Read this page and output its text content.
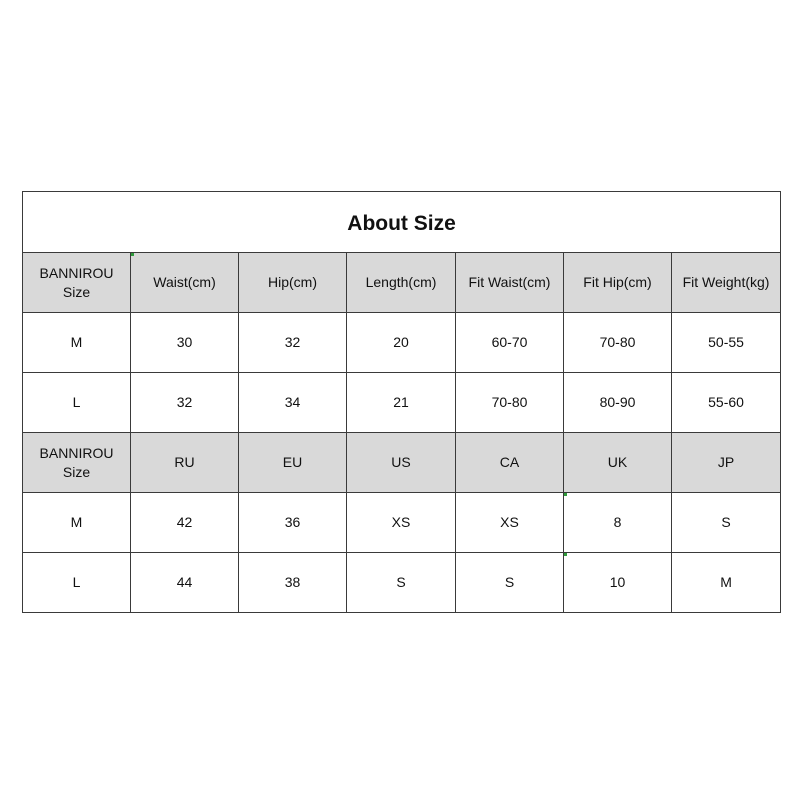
About Size						
BANNIROU Size	Waist(cm)	Hip(cm)	Length(cm)	Fit Waist(cm)	Fit Hip(cm)	Fit Weight(kg)
M	30	32	20	60-70	70-80	50-55
L	32	34	21	70-80	80-90	55-60
BANNIROU Size	RU	EU	US	CA	UK	JP
M	42	36	XS	XS	8	S
L	44	38	S	S	10	M
